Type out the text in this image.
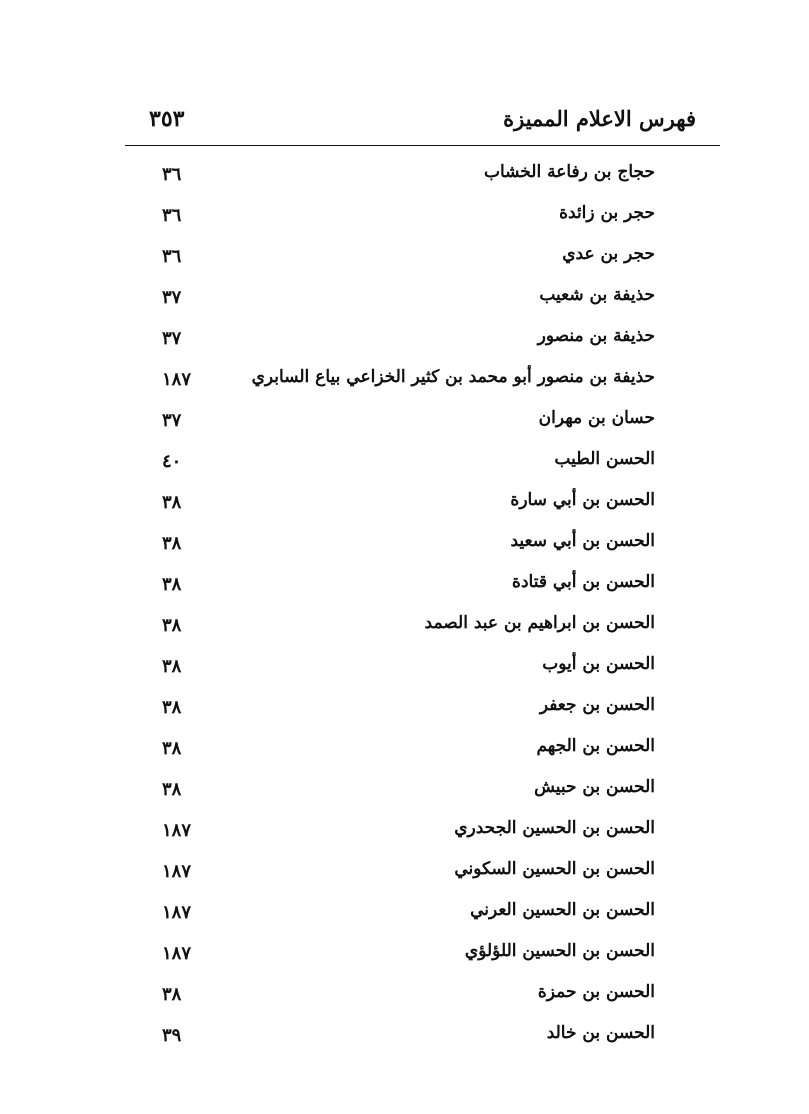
فهرس الاعلام المميزة
٣٥٣
حجاج بن رفاعة الخشاب
٣٦
حجر بن زائدة
٣٦
حجر بن عدي
٣٦
حذيفة بن شعيب
٣٧
حذيفة بن منصور
٣٧
حذيفة بن منصور أبو محمد بن كثير الخزاعي بياع السابري
١٨٧
حسان بن مهران
٣٧
الحسن الطيب
٤٠
الحسن بن أبي سارة
٣٨
الحسن بن أبي سعيد
٣٨
الحسن بن أبي قتادة
٣٨
الحسن بن ابراهيم بن عبد الصمد
٣٨
الحسن بن أيوب
٣٨
الحسن بن جعفر
٣٨
الحسن بن الجهم
٣٨
الحسن بن حبيش
٣٨
الحسن بن الحسين الجحدري
١٨٧
الحسن بن الحسين السكوني
١٨٧
الحسن بن الحسين العرني
١٨٧
الحسن بن الحسين اللؤلؤي
١٨٧
الحسن بن حمزة
٣٨
الحسن بن خالد
٣٩
